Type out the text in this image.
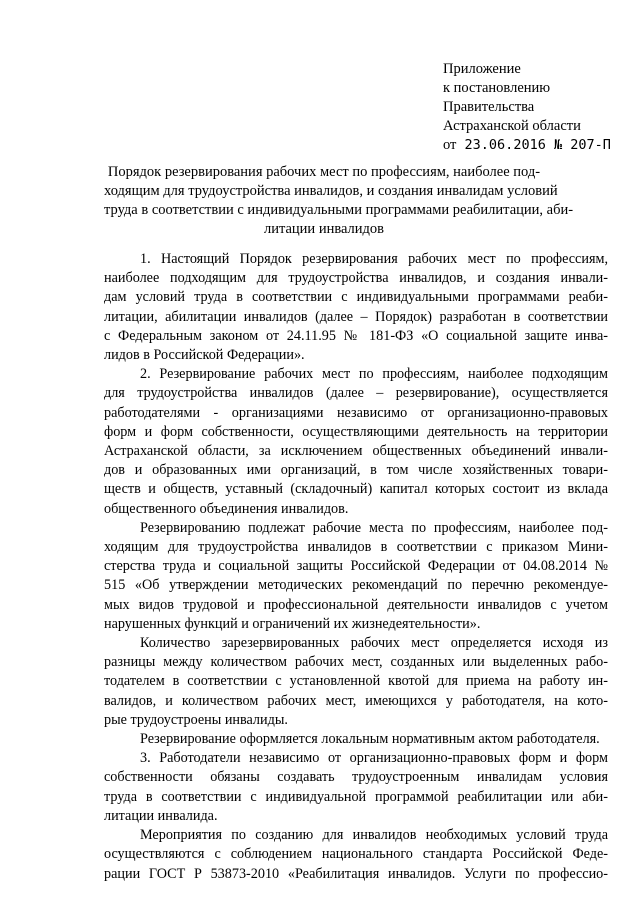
Приложение
к постановлению
Правительства
Астраханской области
от 23.06.2016 № 207-П
Порядок резервирования рабочих мест по профессиям, наиболее под-
ходящим для трудоустройства инвалидов, и создания инвалидам условий
труда в соответствии с индивидуальными программами реабилитации, аби-
литации инвалидов
1. Настоящий Порядок резервирования рабочих мест по профессиям,
наиболее подходящим для трудоустройства инвалидов, и создания инвали-
дам условий труда в соответствии с индивидуальными программами реаби-
литации, абилитации инвалидов (далее – Порядок) разработан в соответствии
с Федеральным законом от 24.11.95 № 181-ФЗ «О социальной защите инва-
лидов в Российской Федерации».
2. Резервирование рабочих мест по профессиям, наиболее подходящим
для трудоустройства инвалидов (далее – резервирование), осуществляется
работодателями - организациями независимо от организационно-правовых
форм и форм собственности, осуществляющими деятельность на территории
Астраханской области, за исключением общественных объединений инвали-
дов и образованных ими организаций, в том числе хозяйственных товари-
ществ и обществ, уставный (складочный) капитал которых состоит из вклада
общественного объединения инвалидов.
Резервированию подлежат рабочие места по профессиям, наиболее под-
ходящим для трудоустройства инвалидов в соответствии с приказом Мини-
стерства труда и социальной защиты Российской Федерации от 04.08.2014 №
515 «Об утверждении методических рекомендаций по перечню рекомендуе-
мых видов трудовой и профессиональной деятельности инвалидов с учетом
нарушенных функций и ограничений их жизнедеятельности».
Количество зарезервированных рабочих мест определяется исходя из
разницы между количеством рабочих мест, созданных или выделенных рабо-
тодателем в соответствии с установленной квотой для приема на работу ин-
валидов, и количеством рабочих мест, имеющихся у работодателя, на кото-
рые трудоустроены инвалиды.
Резервирование оформляется локальным нормативным актом работодателя.
3. Работодатели независимо от организационно-правовых форм и форм
собственности обязаны создавать трудоустроенным инвалидам условия
труда в соответствии с индивидуальной программой реабилитации или аби-
литации инвалида.
Мероприятия по созданию для инвалидов необходимых условий труда
осуществляются с соблюдением национального стандарта Российской Феде-
рации ГОСТ Р 53873-2010 «Реабилитация инвалидов. Услуги по профессио-
